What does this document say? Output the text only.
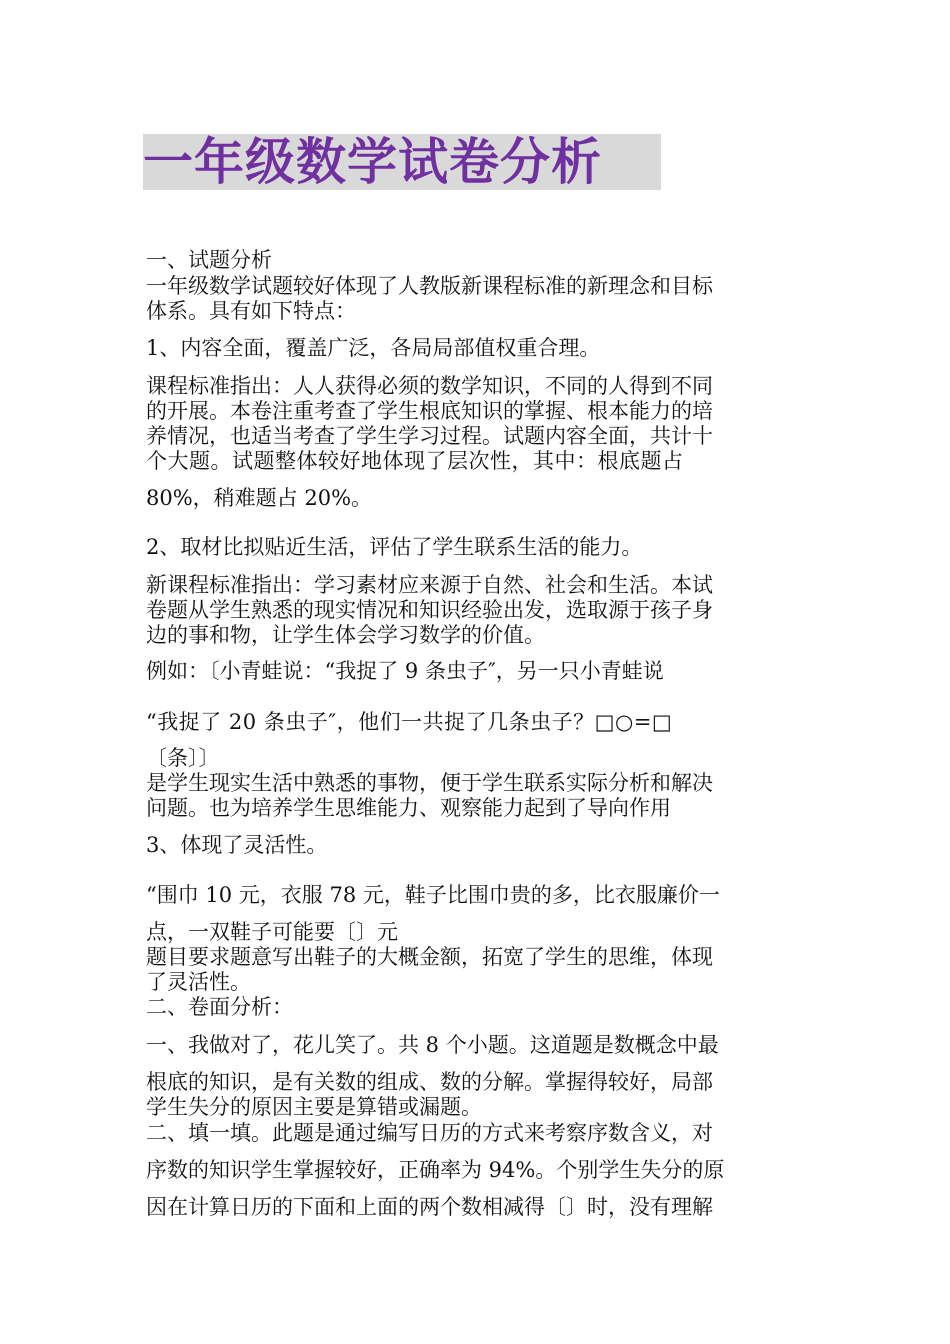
一年级数学试卷分析
一、试题分析
一年级数学试题较好体现了人教版新课程标准的新理念和目标
体系。具有如下特点：
1、内容全面，覆盖广泛，各局局部值权重合理。
课程标准指出：人人获得必须的数学知识，不同的人得到不同
的开展。本卷注重考查了学生根底知识的掌握、根本能力的培
养情况，也适当考查了学生学习过程。试题内容全面，共计十
个大题。试题整体较好地体现了层次性，其中：根底题占
80%，稍难题占 20%。
2、取材比拟贴近生活，评估了学生联系生活的能力。
新课程标准指出：学习素材应来源于自然、社会和生活。本试
卷题从学生熟悉的现实情况和知识经验出发，选取源于孩子身
边的事和物，让学生体会学习数学的价值。
例如：〔小青蛙说：“我捉了 9 条虫子″，另一只小青蛙说
“我捉了 20 条虫子″，他们一共捉了几条虫子？□○=□
〔条〕〕
是学生现实生活中熟悉的事物，便于学生联系实际分析和解决
问题。也为培养学生思维能力、观察能力起到了导向作用
3、体现了灵活性。
“围巾 10 元，衣服 78 元，鞋子比围巾贵的多，比衣服廉价一
点，一双鞋子可能要〔〕元
题目要求题意写出鞋子的大概金额，拓宽了学生的思维，体现
了灵活性。
二、卷面分析：
一、我做对了，花儿笑了。共 8 个小题。这道题是数概念中最
根底的知识，是有关数的组成、数的分解。掌握得较好，局部
学生失分的原因主要是算错或漏题。
二、填一填。此题是通过编写日历的方式来考察序数含义，对
序数的知识学生掌握较好，正确率为 94%。个别学生失分的原
因在计算日历的下面和上面的两个数相减得〔〕时，没有理解
